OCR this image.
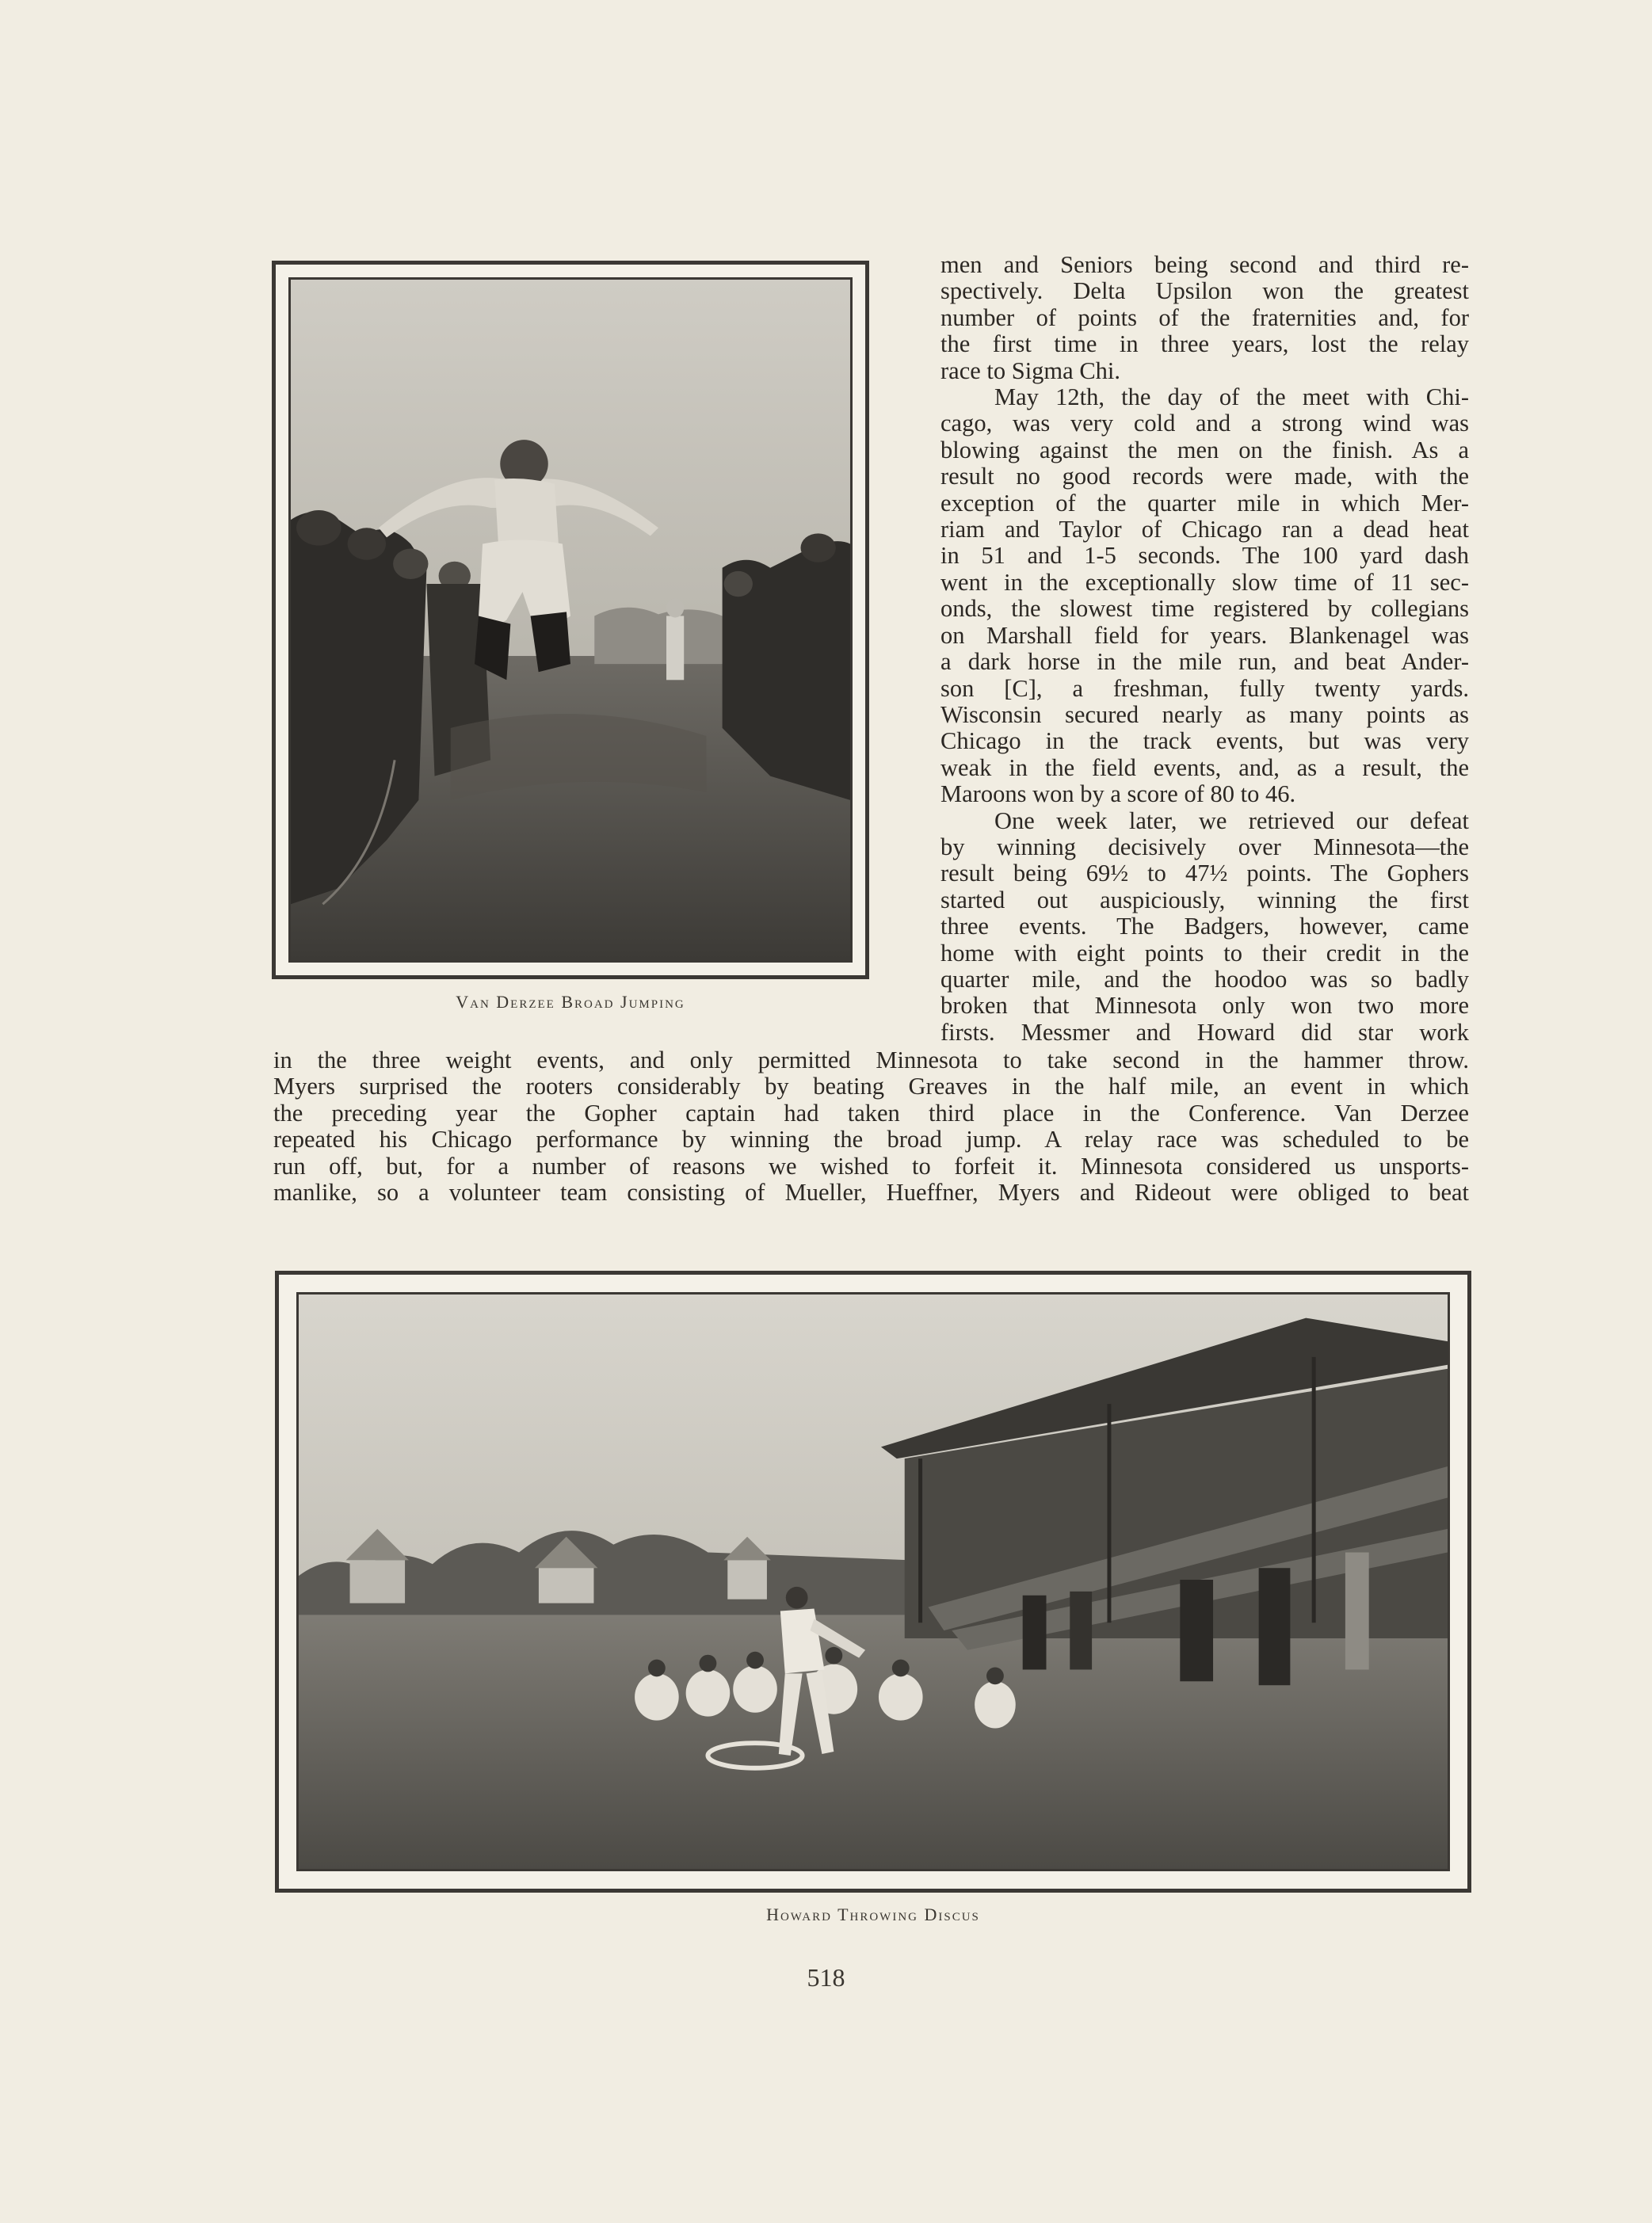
Van Derzee Broad Jumping
men and Seniors being second and third re-
spectively. Delta Upsilon won the greatest
number of points of the fraternities and, for
the first time in three years, lost the relay
race to Sigma Chi.
May 12th, the day of the meet with Chi-
cago, was very cold and a strong wind was
blowing against the men on the finish. As a
result no good records were made, with the
exception of the quarter mile in which Mer-
riam and Taylor of Chicago ran a dead heat
in 51 and 1-5 seconds. The 100 yard dash
went in the exceptionally slow time of 11 sec-
onds, the slowest time registered by collegians
on Marshall field for years. Blankenagel was
a dark horse in the mile run, and beat Ander-
son [C], a freshman, fully twenty yards.
Wisconsin secured nearly as many points as
Chicago in the track events, but was very
weak in the field events, and, as a result, the
Maroons won by a score of 80 to 46.
One week later, we retrieved our defeat
by winning decisively over Minnesota—the
result being 69½ to 47½ points. The Gophers
started out auspiciously, winning the first
three events. The Badgers, however, came
home with eight points to their credit in the
quarter mile, and the hoodoo was so badly
broken that Minnesota only won two more
firsts. Messmer and Howard did star work
in the three weight events, and only permitted Minnesota to take second in the hammer throw.
Myers surprised the rooters considerably by beating Greaves in the half mile, an event in which
the preceding year the Gopher captain had taken third place in the Conference. Van Derzee
repeated his Chicago performance by winning the broad jump. A relay race was scheduled to be
run off, but, for a number of reasons we wished to forfeit it. Minnesota considered us unsports-
manlike, so a volunteer team consisting of Mueller, Hueffner, Myers and Rideout were obliged to beat
Howard Throwing Discus
518
